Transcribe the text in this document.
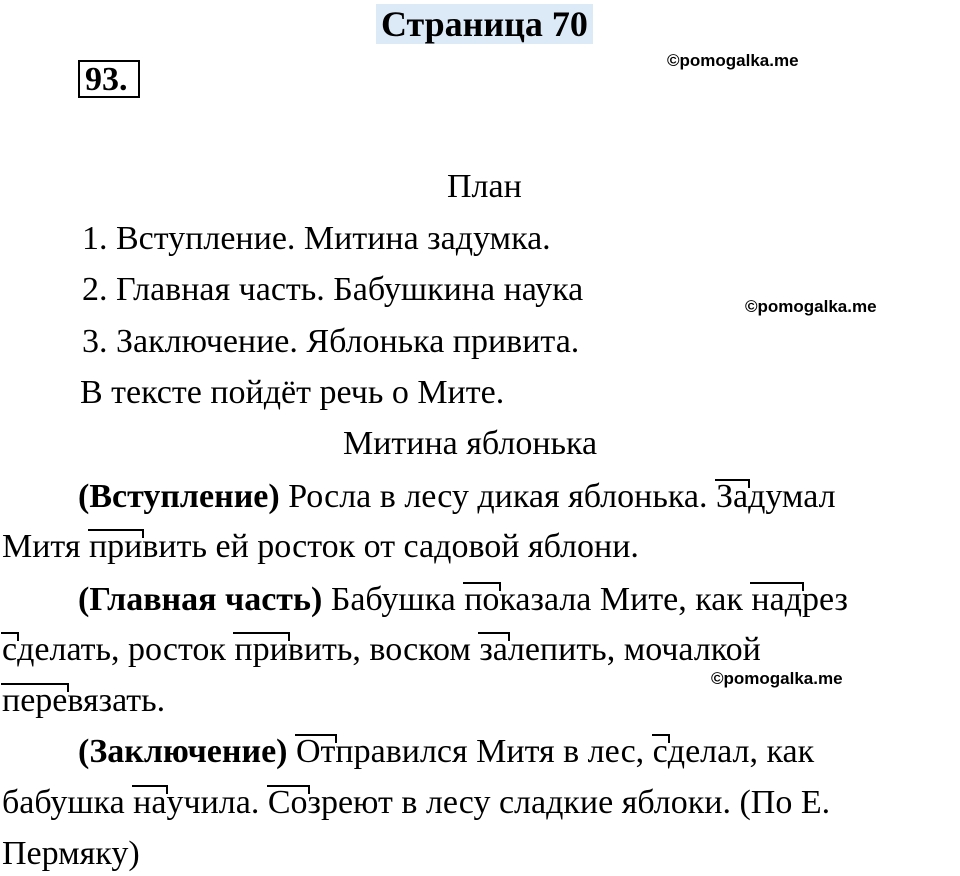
Страница 70
93.
©pomogalka.me
©pomogalka.me
©pomogalka.me
План
1. Вступление. Митина задумка.
2. Главная часть. Бабушкина наука
3. Заключение. Яблонька привита.
В тексте пойдёт речь о Мите.
Митина яблонька
(Вступление) Росла в лесу дикая яблонька. Задумал
Митя привить ей росток от садовой яблони.
(Главная часть) Бабушка показала Мите, как надрез
сделать, росток привить, воском залепить, мочалкой
перевязать.
(Заключение) Отправился Митя в лес, сделал, как
бабушка научила. Созреют в лесу сладкие яблоки. (По Е.
Пермяку)
